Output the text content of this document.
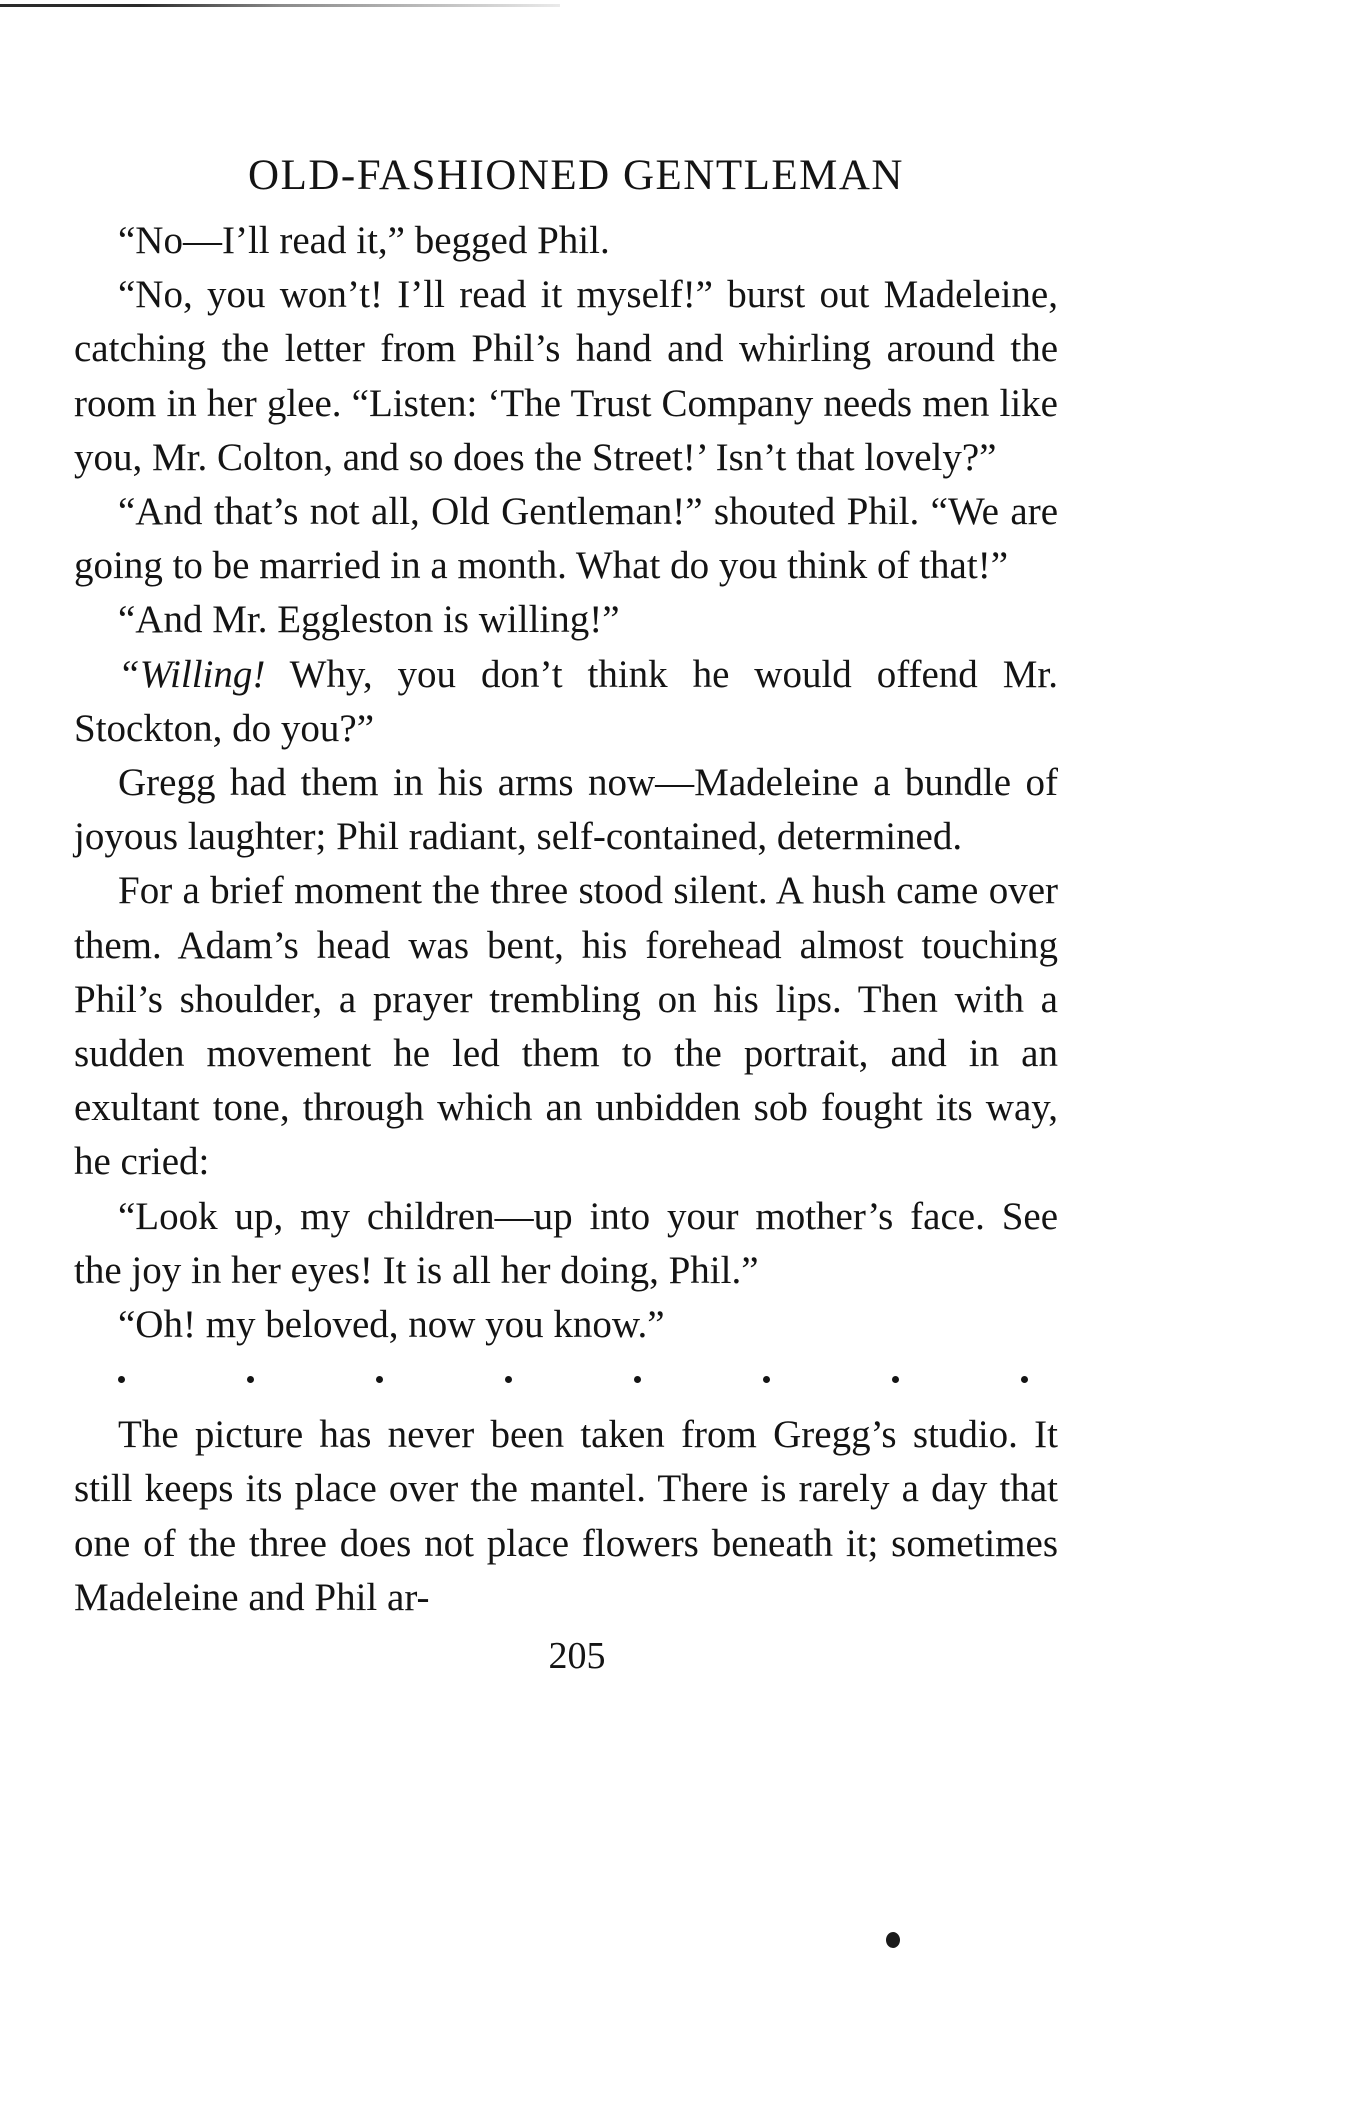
OLD-FASHIONED GENTLEMAN

“No—I’ll read it,” begged Phil.

“No, you won’t! I’ll read it myself!” burst out Madeleine, catching the letter from Phil’s hand and whirling around the room in her glee. “Listen: ‘The Trust Company needs men like you, Mr. Colton, and so does the Street!’ Isn’t that lovely?”

“And that’s not all, Old Gentleman!” shouted Phil. “We are going to be married in a month. What do you think of that!”

“And Mr. Eggleston is willing!”

“Willing! Why, you don’t think he would offend Mr. Stockton, do you?”

Gregg had them in his arms now—Madeleine a bundle of joyous laughter; Phil radiant, self-contained, determined.

For a brief moment the three stood silent. A hush came over them. Adam’s head was bent, his forehead almost touching Phil’s shoulder, a prayer trembling on his lips. Then with a sudden movement he led them to the portrait, and in an exultant tone, through which an unbidden sob fought its way, he cried:

“Look up, my children—up into your mother’s face. See the joy in her eyes! It is all her doing, Phil.”

“Oh! my beloved, now you know.”

The picture has never been taken from Gregg’s studio. It still keeps its place over the mantel. There is rarely a day that one of the three does not place flowers beneath it; sometimes Madeleine and Phil ar-

205
